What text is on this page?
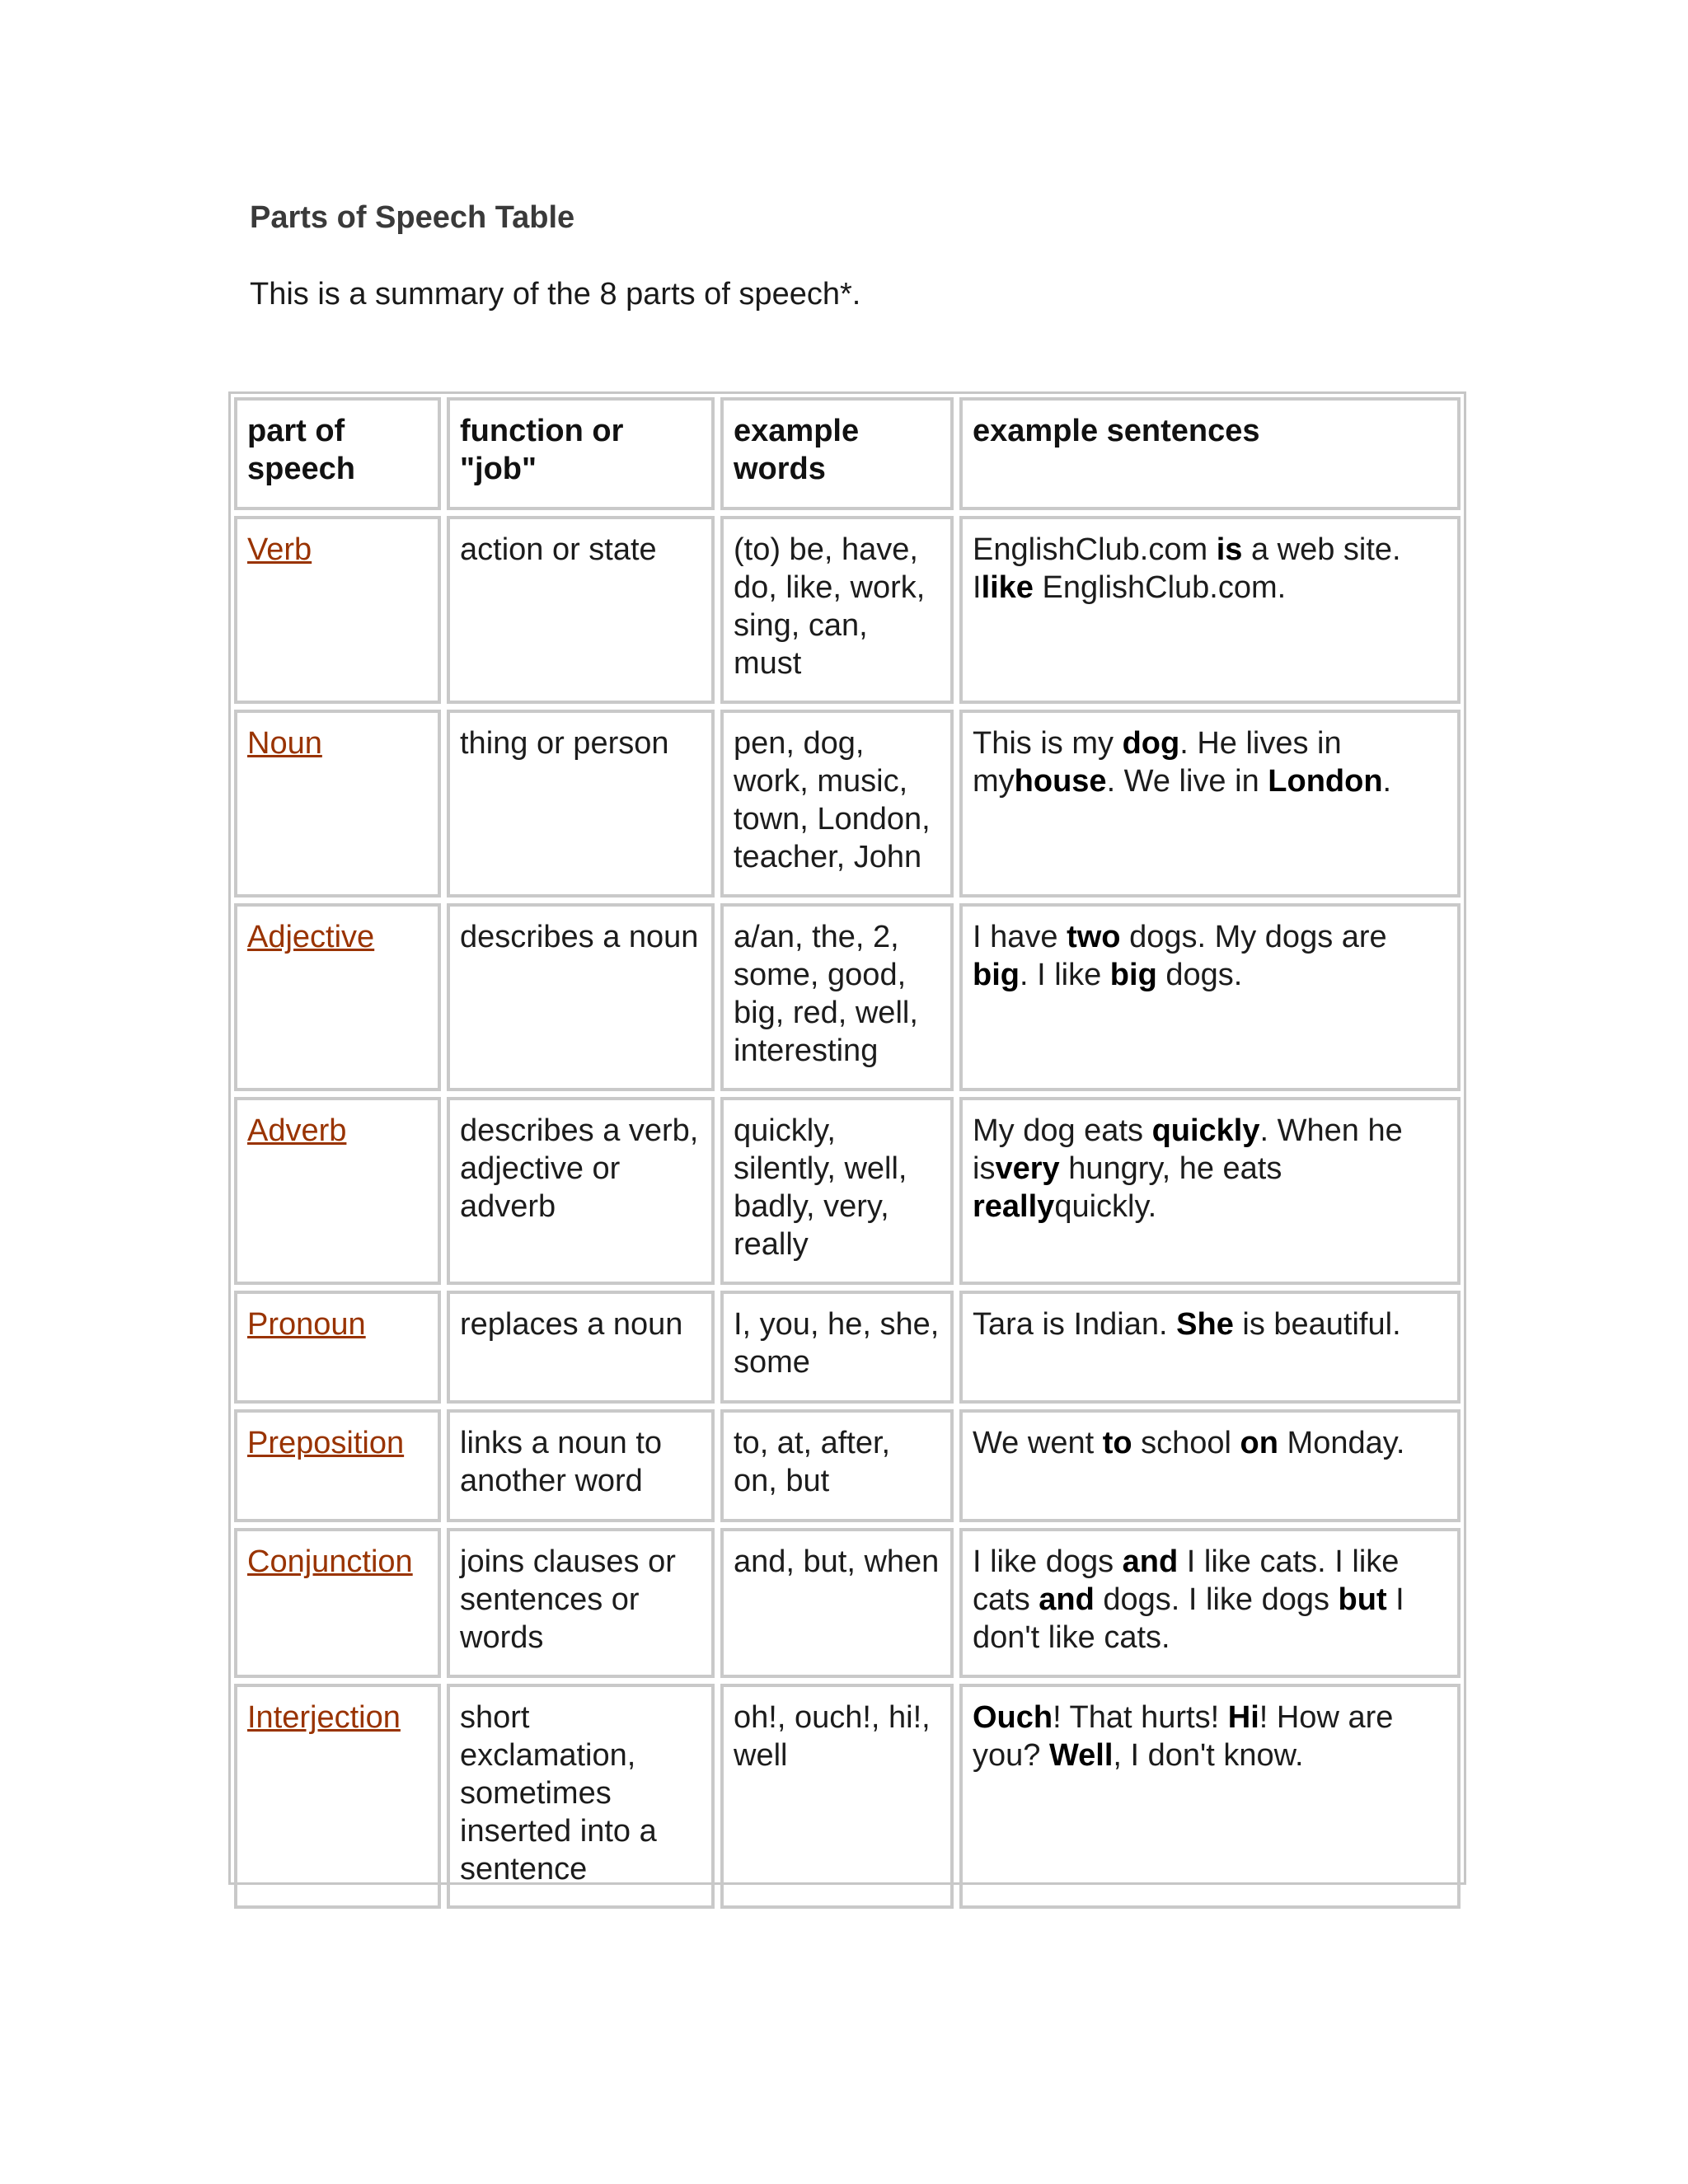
Parts of Speech Table

This is a summary of the 8 parts of speech*.

part of speech	function or "job"	example words	example sentences
Verb	action or state	(to) be, have, do, like, work, sing, can, must	EnglishClub.com is a web site.
Ilike EnglishClub.com.
Noun	thing or person	pen, dog, work, music, town, London, teacher, John	This is my dog. He lives in myhouse. We live in London.
Adjective	describes a noun	a/an, the, 2, some, good, big, red, well, interesting	I have two dogs. My dogs are big. I like big dogs.
Adverb	describes a verb, adjective or adverb	quickly, silently, well, badly, very, really	My dog eats quickly. When he isvery hungry, he eats reallyquickly.
Pronoun	replaces a noun	I, you, he, she, some	Tara is Indian. She is beautiful.
Preposition	links a noun to another word	to, at, after, on, but	We went to school on Monday.
Conjunction	joins clauses or sentences or words	and, but, when	I like dogs and I like cats. I like cats and dogs. I like dogs but I don't like cats.
Interjection	short exclamation, sometimes inserted into a sentence	oh!, ouch!, hi!, well	Ouch! That hurts! Hi! How are you? Well, I don't know.
